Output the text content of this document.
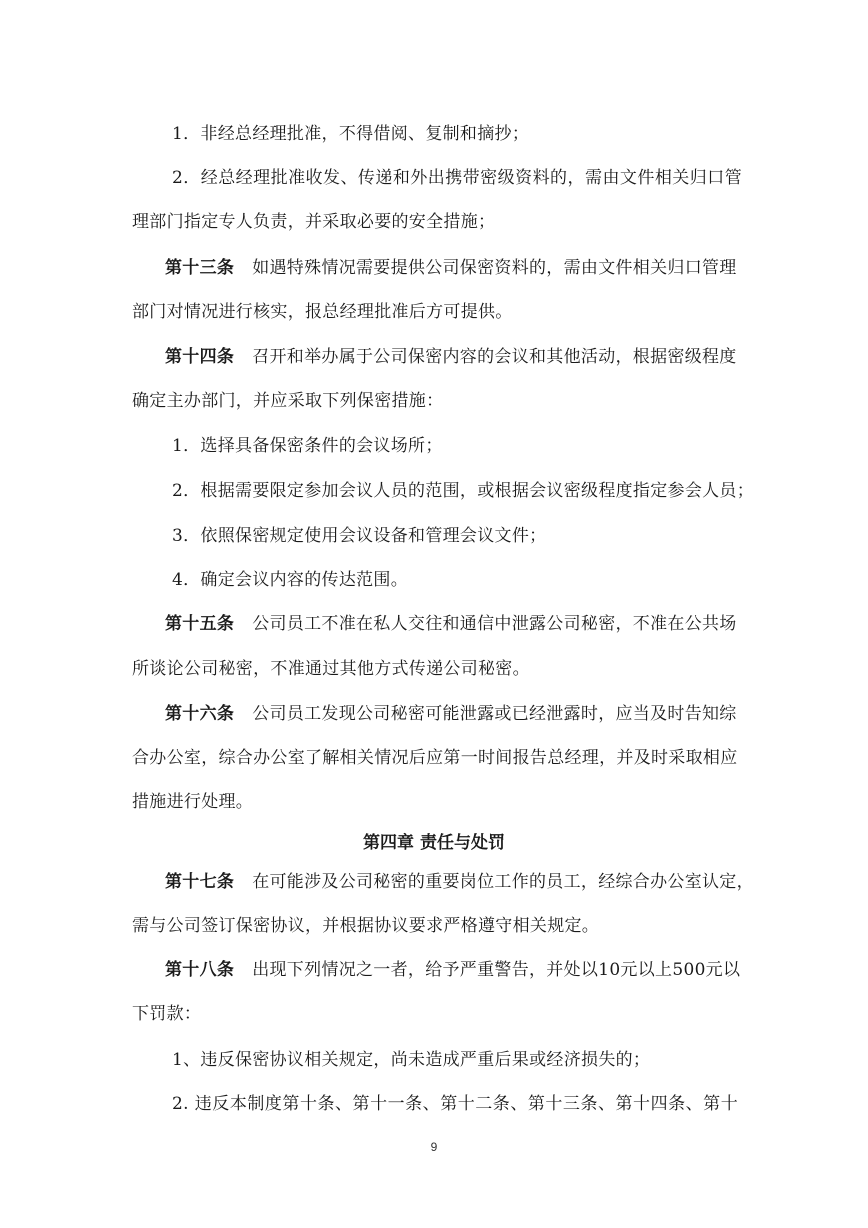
1．非经总经理批准，不得借阅、复制和摘抄；
2．经总经理批准收发、传递和外出携带密级资料的，需由文件相关归口管
理部门指定专人负责，并采取必要的安全措施；
第十三条 如遇特殊情况需要提供公司保密资料的，需由文件相关归口管理
部门对情况进行核实，报总经理批准后方可提供。
第十四条 召开和举办属于公司保密内容的会议和其他活动，根据密级程度
确定主办部门，并应采取下列保密措施：
1．选择具备保密条件的会议场所；
2．根据需要限定参加会议人员的范围，或根据会议密级程度指定参会人员；
3．依照保密规定使用会议设备和管理会议文件；
4．确定会议内容的传达范围。
第十五条 公司员工不准在私人交往和通信中泄露公司秘密，不准在公共场
所谈论公司秘密，不准通过其他方式传递公司秘密。
第十六条 公司员工发现公司秘密可能泄露或已经泄露时，应当及时告知综
合办公室，综合办公室了解相关情况后应第一时间报告总经理，并及时采取相应
措施进行处理。
第四章 责任与处罚
第十七条 在可能涉及公司秘密的重要岗位工作的员工，经综合办公室认定，
需与公司签订保密协议，并根据协议要求严格遵守相关规定。
第十八条 出现下列情况之一者，给予严重警告，并处以10元以上500元以
下罚款：
1、违反保密协议相关规定，尚未造成严重后果或经济损失的；
2. 违反本制度第十条、第十一条、第十二条、第十三条、第十四条、第十
9
